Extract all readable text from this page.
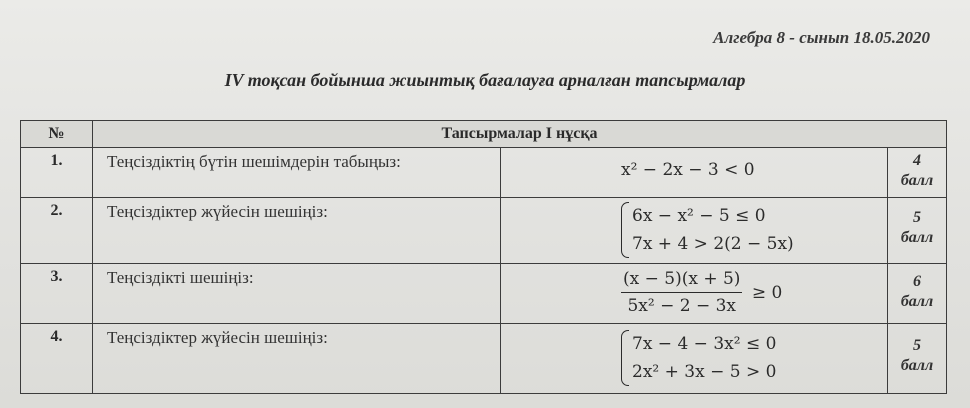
Алгебра 8 - сынып 18.05.2020
IV тоқсан бойынша жиынтық бағалауға арналған тапсырмалар
№	Тапсырмалар I нұсқа		
1.	Теңсіздіктің бүтін шешімдерін табыңыз:	x² − 2x − 3 < 0	4
балл

2.	Теңсіздіктер жүйесін шешіңіз:	6x − x² − 5 ≤ 0
7x + 4 > 2(2 − 5x)	5
балл

3.	Теңсіздікті шешіңіз:	$\frac{(x - 5)(x + 5)}{\text{5x² − 2 − 3x}} \ge 0$	6
балл

4.	Теңсіздіктер жүйесін шешіңіз:	7x − 4 − 3x² ≤ 0
2x² + 3x − 5 > 0	5
балл
